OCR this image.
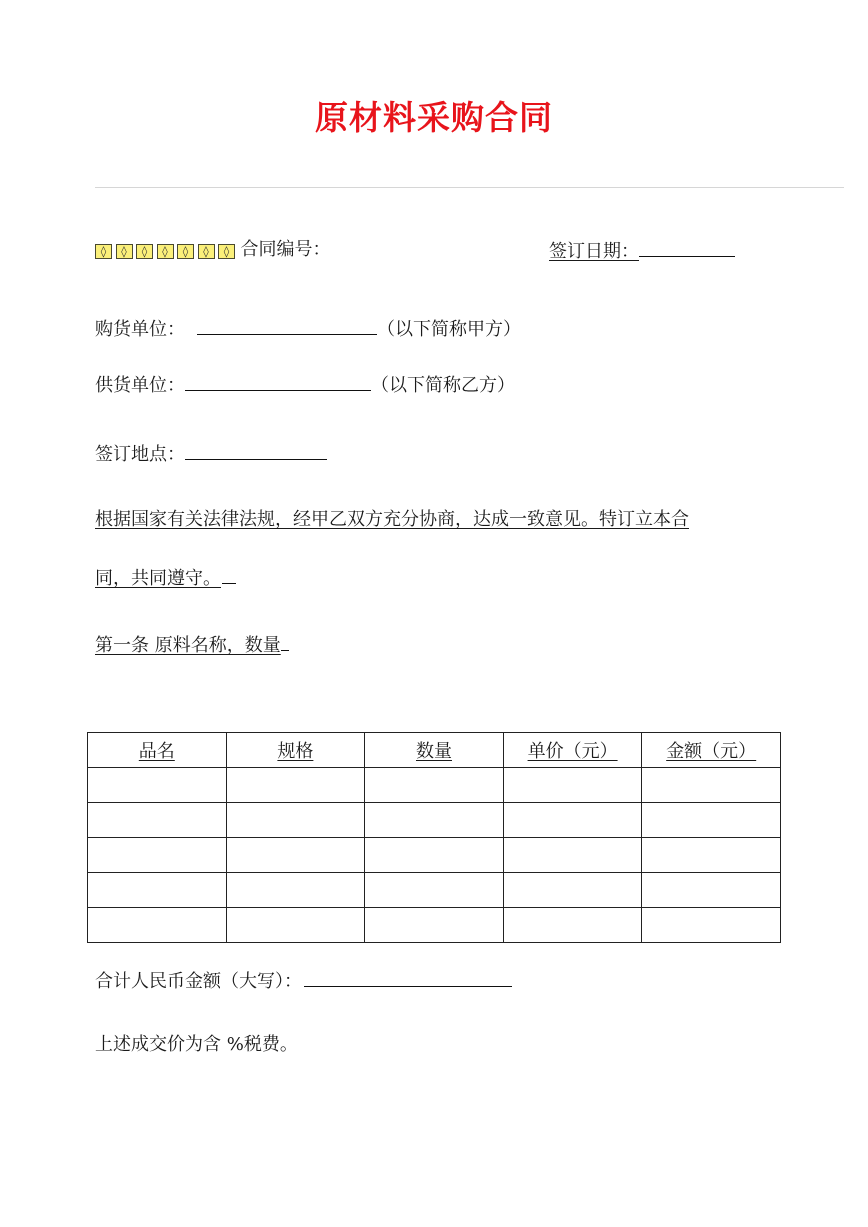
原材料采购合同
◊ ◊ ◊ ◊ ◊ ◊ ◊ 合同编号：	签订日期：
购货单位：	（以下简称甲方）
供货单位：	（以下简称乙方）
签订地点：
根据国家有关法律法规，经甲乙双方充分协商，达成一致意见。特订立本合
同，共同遵守。
第一条 原料名称，数量
品名	规格	数量	单价（元）	金额（元）

合计人民币金额（大写）：
上述成交价为含 %税费。
